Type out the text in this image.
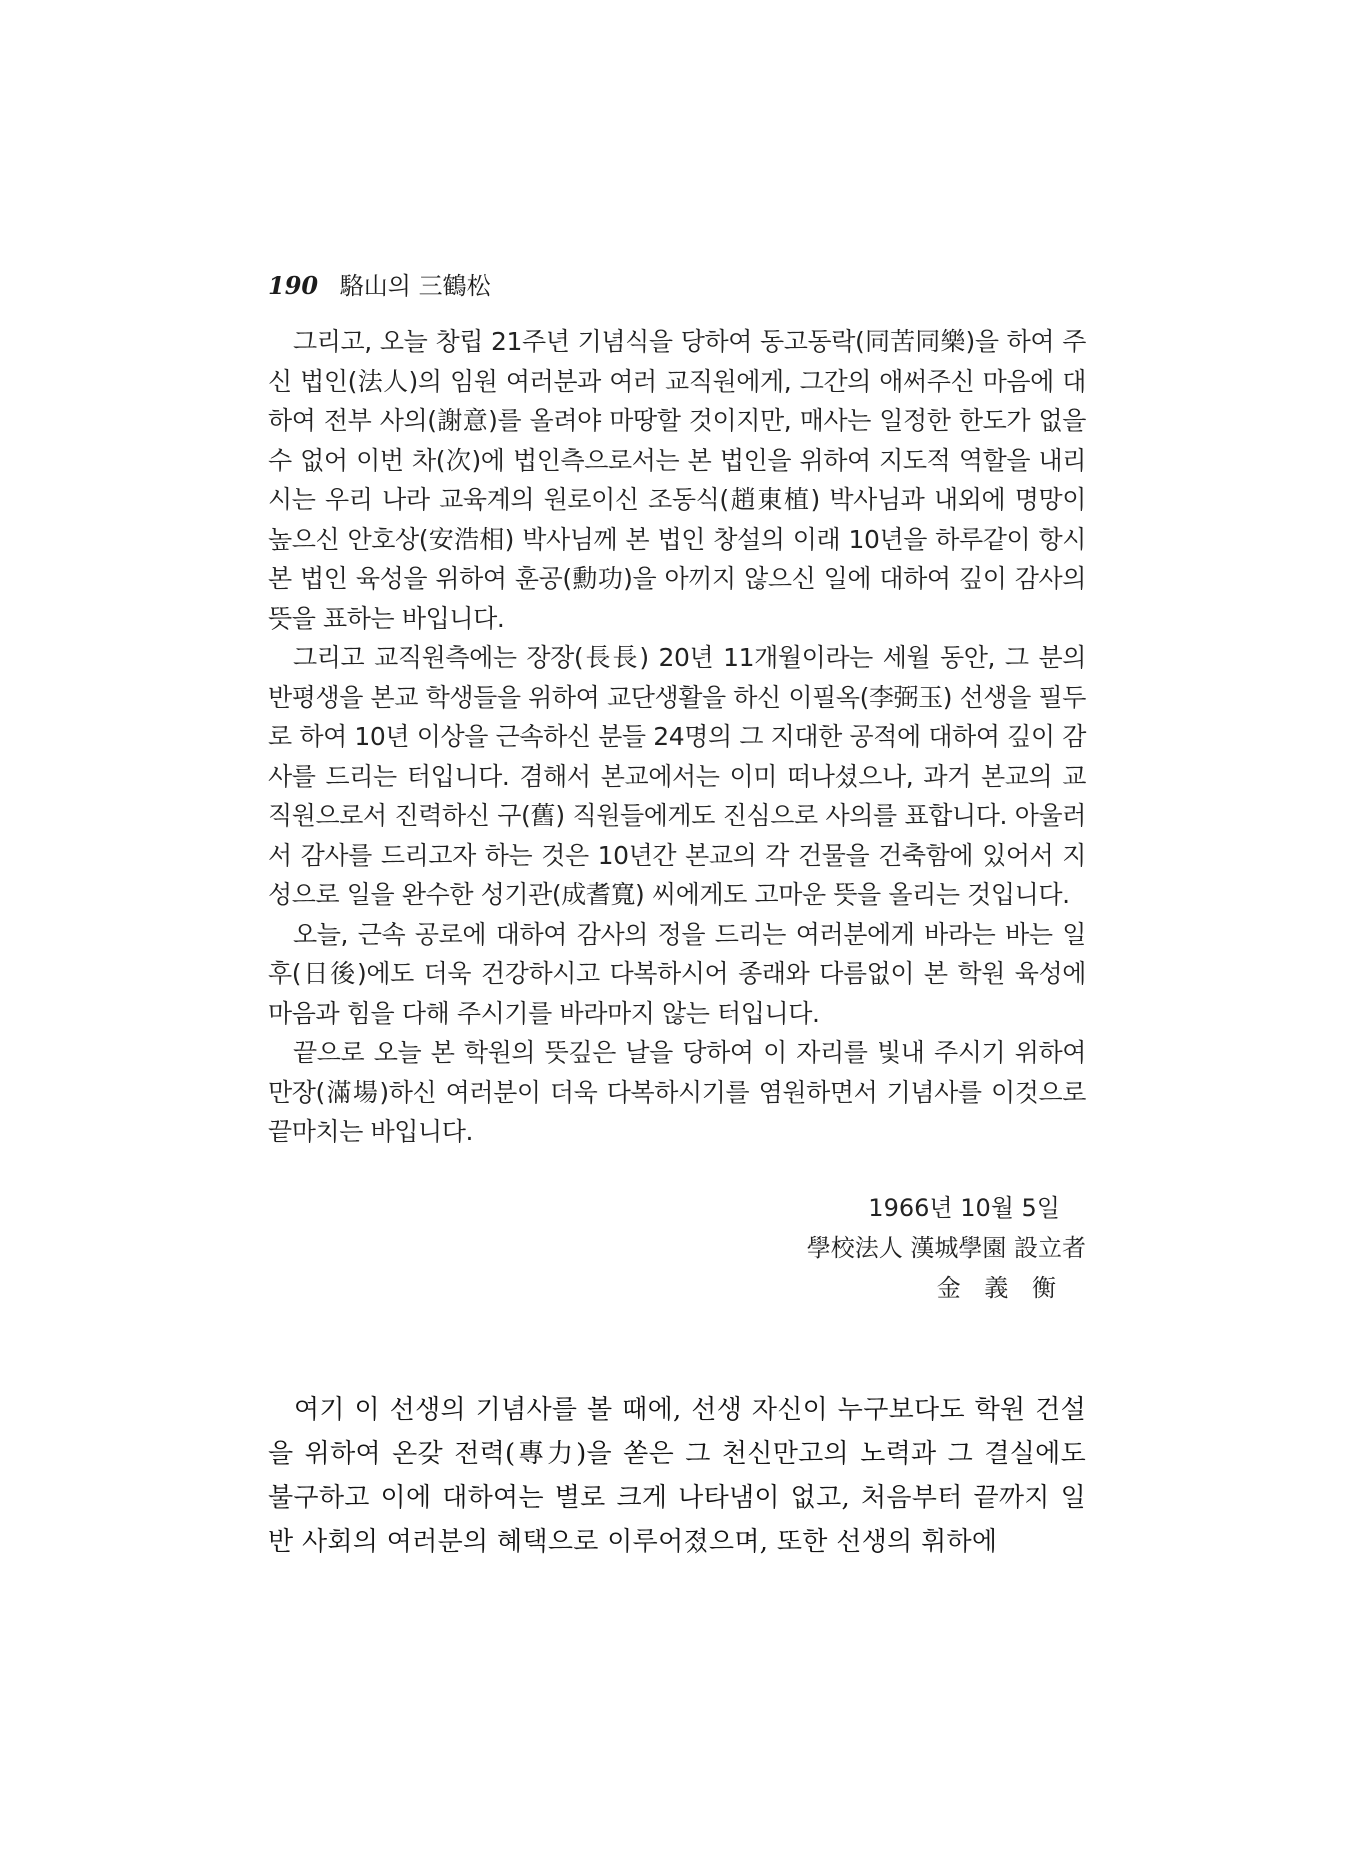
190 駱山의 三鶴松

그리고, 오늘 창립 21주년 기념식을 당하여 동고동락(同苦同樂)을 하여 주신 법인(法人)의 임원 여러분과 여러 교직원에게, 그간의 애써주신 마음에 대하여 전부 사의(謝意)를 올려야 마땅할 것이지만, 매사는 일정한 한도가 없을 수 없어 이번 차(次)에 법인측으로서는 본 법인을 위하여 지도적 역할을 내리시는 우리 나라 교육계의 원로이신 조동식(趙東植) 박사님과 내외에 명망이 높으신 안호상(安浩相) 박사님께 본 법인 창설의 이래 10년을 하루같이 항시 본 법인 육성을 위하여 훈공(勳功)을 아끼지 않으신 일에 대하여 깊이 감사의 뜻을 표하는 바입니다.

그리고 교직원측에는 장장(長長) 20년 11개월이라는 세월 동안, 그 분의 반평생을 본교 학생들을 위하여 교단생활을 하신 이필옥(李弼玉) 선생을 필두로 하여 10년 이상을 근속하신 분들 24명의 그 지대한 공적에 대하여 깊이 감사를 드리는 터입니다. 겸해서 본교에서는 이미 떠나셨으나, 과거 본교의 교직원으로서 진력하신 구(舊) 직원들에게도 진심으로 사의를 표합니다. 아울러서 감사를 드리고자 하는 것은 10년간 본교의 각 건물을 건축함에 있어서 지성으로 일을 완수한 성기관(成耆寬) 씨에게도 고마운 뜻을 올리는 것입니다.

오늘, 근속 공로에 대하여 감사의 정을 드리는 여러분에게 바라는 바는 일후(日後)에도 더욱 건강하시고 다복하시어 종래와 다름없이 본 학원 육성에 마음과 힘을 다해 주시기를 바라마지 않는 터입니다.

끝으로 오늘 본 학원의 뜻깊은 날을 당하여 이 자리를 빛내 주시기 위하여 만장(滿場)하신 여러분이 더욱 다복하시기를 염원하면서 기념사를 이것으로 끝마치는 바입니다.

1966년 10월 5일
學校法人 漢城學園 設立者
金 義 衡

여기 이 선생의 기념사를 볼 때에, 선생 자신이 누구보다도 학원 건설을 위하여 온갖 전력(專力)을 쏟은 그 천신만고의 노력과 그 결실에도 불구하고 이에 대하여는 별로 크게 나타냄이 없고, 처음부터 끝까지 일반 사회의 여러분의 혜택으로 이루어졌으며, 또한 선생의 휘하에
